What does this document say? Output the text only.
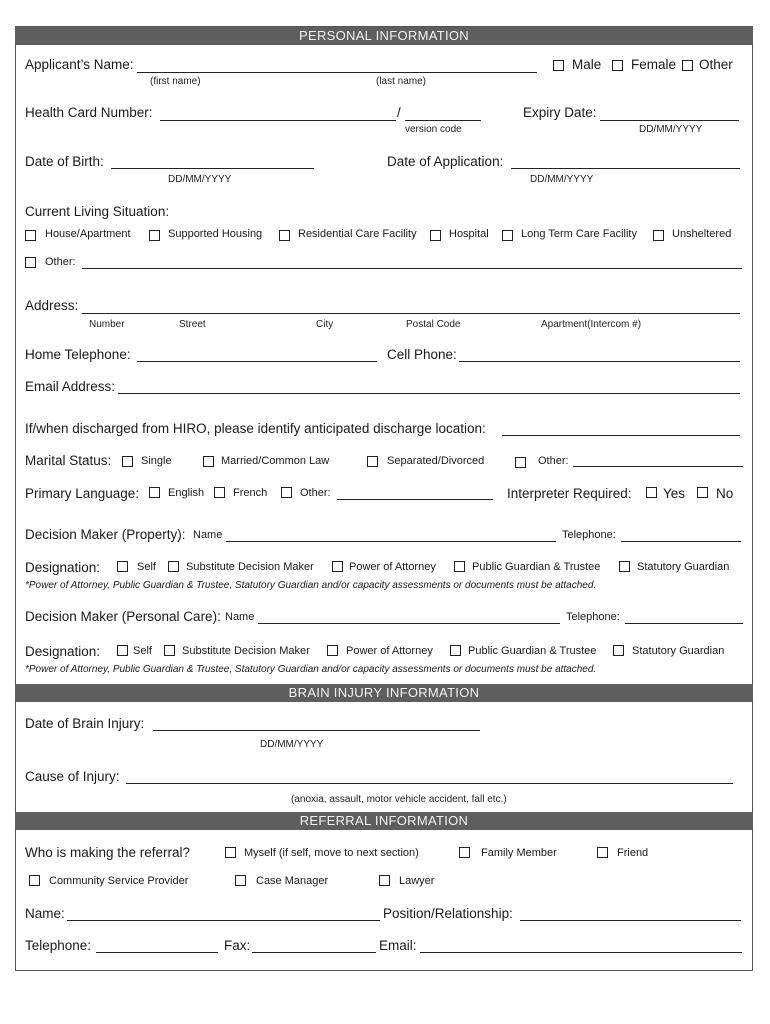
PERSONAL INFORMATION
Applicant’s Name:
(first name)	(last name)
Male Female Other
Health Card Number:	/
version code
Expiry Date:
DD/MM/YYYY
Date of Birth:
DD/MM/YYYY
Date of Application:
DD/MM/YYYY
Current Living Situation:
House/Apartment	Supported Housing	Residential Care Facility	Hospital	Long Term Care Facility	Unsheltered
Other:
Address:
Number	Street	City	Postal Code	Apartment(Intercom #)
Home Telephone:	Cell Phone:
Email Address:
If/when discharged from HIRO, please identify anticipated discharge location:
Marital Status:	Single	Married/Common Law	Separated/Divorced	Other:
Primary Language:	English	French	Other:	Interpreter Required: Yes No
Decision Maker (Property): Name	Telephone:
Designation:	Self	Substitute Decision Maker	Power of Attorney	Public Guardian & Trustee	Statutory Guardian
*Power of Attorney, Public Guardian & Trustee, Statutory Guardian and/or capacity assessments or documents must be attached.
Decision Maker (Personal Care): Name	Telephone:
Designation:	Self	Substitute Decision Maker	Power of Attorney	Public Guardian & Trustee	Statutory Guardian
*Power of Attorney, Public Guardian & Trustee, Statutory Guardian and/or capacity assessments or documents must be attached.
BRAIN INJURY INFORMATION
Date of Brain Injury:
DD/MM/YYYY
Cause of Injury:
(anoxia, assault, motor vehicle accident, fall etc.)
REFERRAL INFORMATION
Who is making the referral?	Myself (if self, move to next section)	Family Member	Friend
Community Service Provider	Case Manager	Lawyer
Name:	Position/Relationship:
Telephone:	Fax:	Email:
